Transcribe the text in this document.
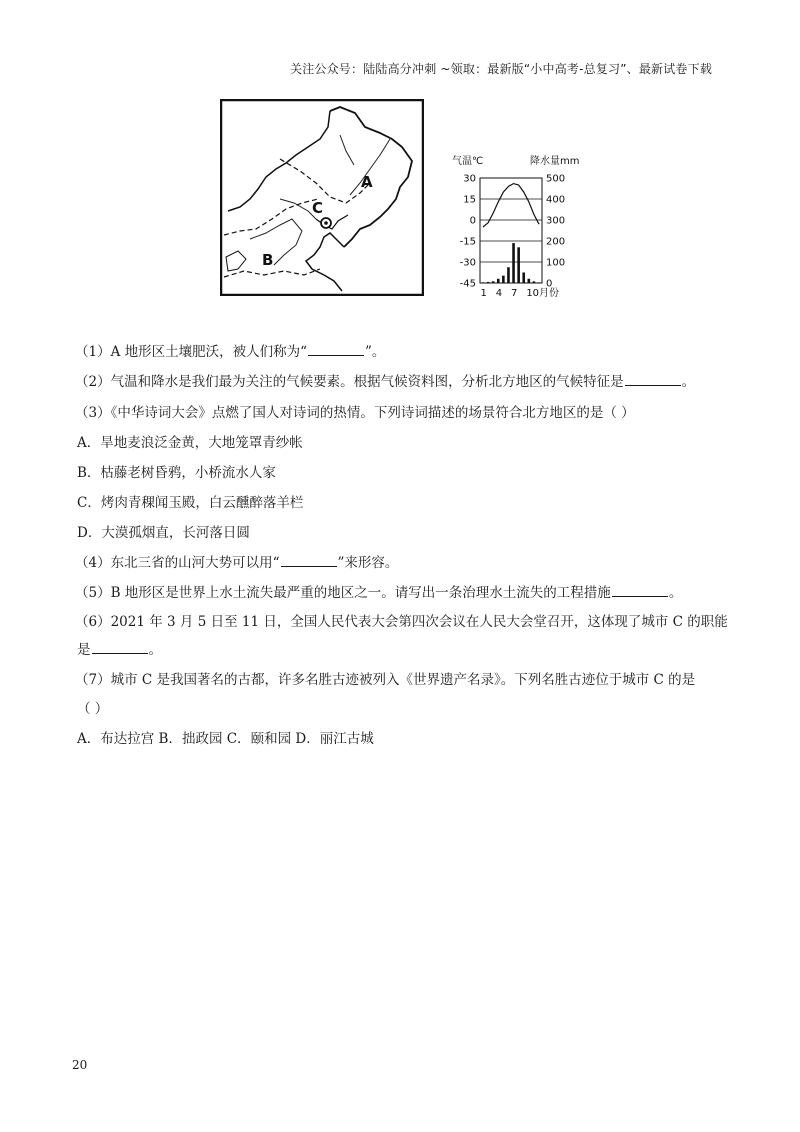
关注公众号：陆陆高分冲刺 ~领取：最新版“小中高考-总复习”、最新试卷下载
A
B
C
气温℃	降水量mm
30
15
0
-15
-30
-45
500
400
300
200
100
0
1 4 7 10月份
（1）A 地形区土壤肥沃，被人们称为“	”。
（2）气温和降水是我们最为关注的气候要素。根据气候资料图，分析北方地区的气候特征是	。
（3）《中华诗词大会》点燃了国人对诗词的热情。下列诗词描述的场景符合北方地区的是（ ）
A．旱地麦浪泛金黄，大地笼罩青纱帐
B．枯藤老树昏鸦，小桥流水人家
C．烤肉青稞闻玉殿，白云醺醉落羊栏
D．大漠孤烟直，长河落日圆
（4）东北三省的山河大势可以用“	”来形容。
（5）B 地形区是世界上水土流失最严重的地区之一。请写出一条治理水土流失的工程措施	。
（6）2021 年 3 月 5 日至 11 日，全国人民代表大会第四次会议在人民大会堂召开，这体现了城市 C 的职能
是	。
（7）城市 C 是我国著名的古都，许多名胜古迹被列入《世界遗产名录》。下列名胜古迹位于城市 C 的是
（ ）
A．布达拉宫 B．拙政园 C．颐和园 D．丽江古城
20
